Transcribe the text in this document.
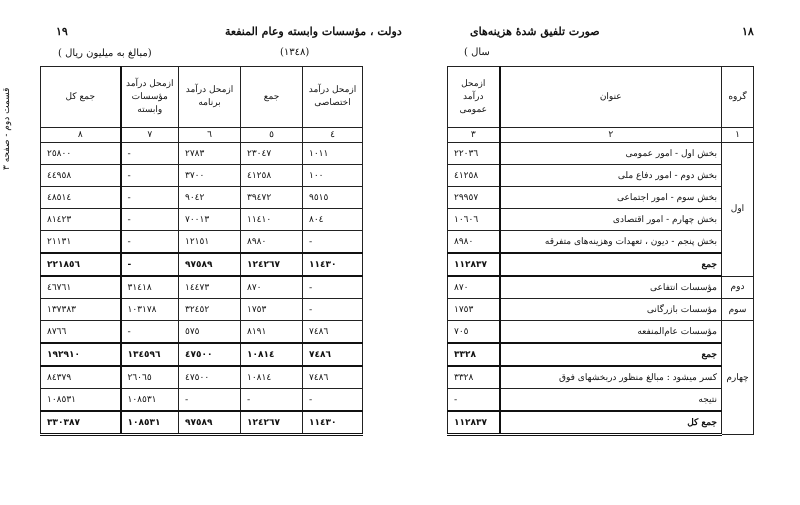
١٩	دولت ، مؤسسات وابسته وعام المنفعة
(١٣٤٨)
(مبالغ به میلیون ریال )
قسمت دوم - صفحه ۳	جمع کل	ازمحل درآمد مؤسسات وابسته	ازمحل درآمد برنامه	جمع	ازمحل درآمد اختصاصی
٨	٧	٦	٥	٤
٢٥٨٠٠	-	٢٧٨٣	٢٣٠٤٧	١٠١١
٤٤٩٥٨	-	٣٧٠٠	٤١٢٥٨	١٠٠
٤٨٥١٤	-	٩٠٤٢	٣٩٤٧٢	٩٥١٥
٨١٤٢٣	-	٧٠٠١٣	١١٤١٠	٨٠٤
٢١١٣١	-	١٢١٥١	٨٩٨٠	-
٢٢١٨٥٦	-	٩٧٥٨٩	١٢٤٢٦٧	١١٤٣٠
٤٦٧٦١	٣١٤١٨	١٤٤٧٣	٨٧٠	-
١٣٧٣٨٣	١٠٣١٧٨	٣٢٤٥٢	١٧٥٣	-
٨٧٦٦	-	٥٧٥	٨١٩١	٧٤٨٦
١٩٢٩١٠	١٣٤٥٩٦	٤٧٥٠٠	١٠٨١٤	٧٤٨٦
٨٤٣٧٩	٢٦٠٦٥	٤٧٥٠٠	١٠٨١٤	٧٤٨٦
١٠٨٥٣١	١٠٨٥٣١	-	-	-
٣٣٠٣٨٧	١٠٨٥٣١	٩٧٥٨٩	١٢٤٢٦٧	١١٤٣٠
١٨
صورت تلفیق شدهٔ هزینه‌های
( سال
ازمحل درآمد عمومی	عنوان	گروه
٣	٢	١
٢٢٠٣٦	بخش اول - امور عمومی	اول
٤١٢٥٨	بخش دوم - امور دفاع ملی	
٢٩٩٥٧	بخش سوم - امور اجتماعی	
١٠٦٠٦	بخش چهارم - امور اقتصادی	
٨٩٨٠	بخش پنجم - دیون ، تعهدات وهزینه‌های متفرقه	
١١٢٨٣٧	جمع	
٨٧٠	مؤسسات انتفاعی	دوم
١٧٥٣	مؤسسات بازرگانی	سوم
٧٠٥	مؤسسات عام‌المنفعه	چهارم
٣٣٢٨	جمع	
٣٣٢٨	کسر میشود : مبالغ منظور دربخشهای فوق	
-	نتیجه	
١١٢٨٣٧	جمع کل	
